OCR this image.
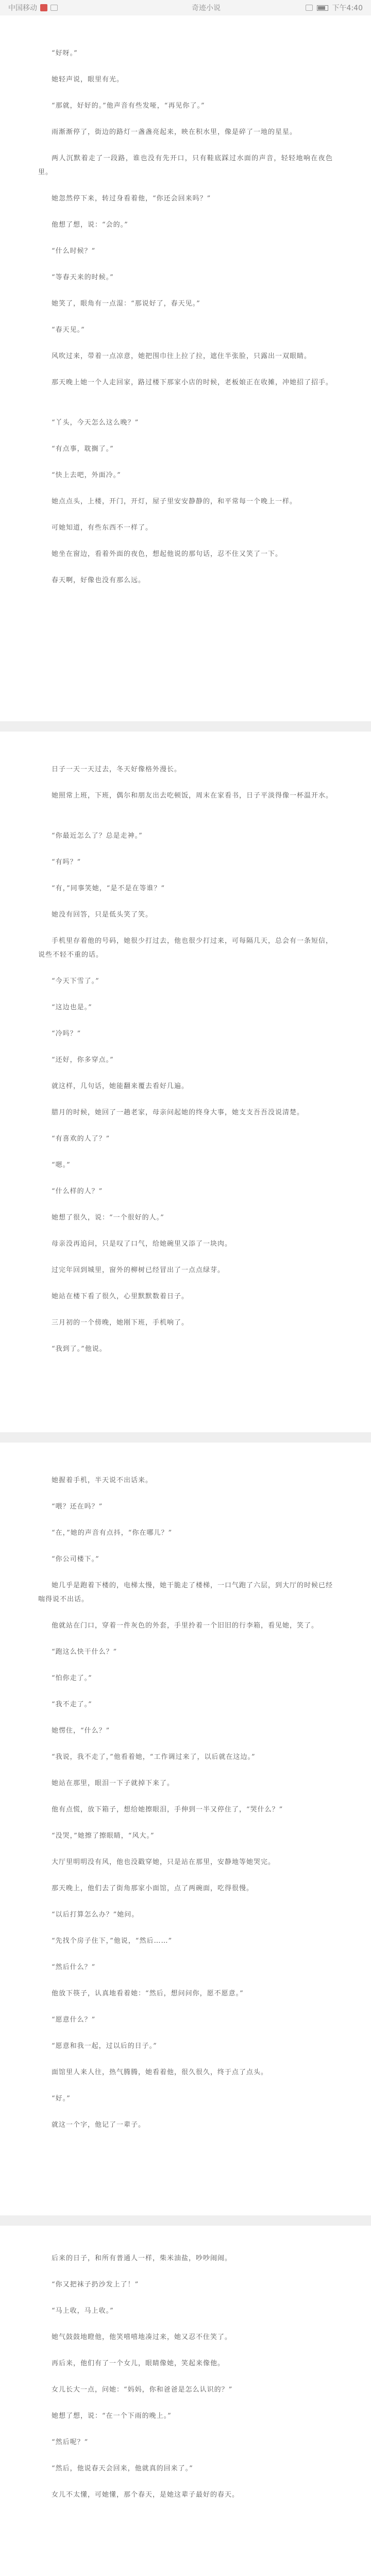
中国移动	奇迹小说	下午4:40
“好呀。”
她轻声说，眼里有光。
“那就，好好的。”他声音有些发哑，“再见你了。”
雨渐渐停了，街边的路灯一盏盏亮起来，映在积水里，像是碎了一地的星星。
两人沉默着走了一段路，谁也没有先开口，只有鞋底踩过水面的声音，轻轻地响在夜色里。
她忽然停下来，转过身看着他，“你还会回来吗？”
他想了想，说：“会的。”
“什么时候？”
“等春天来的时候。”
她笑了，眼角有一点湿：“那说好了，春天见。”
“春天见。”
风吹过来，带着一点凉意，她把围巾往上拉了拉，遮住半张脸，只露出一双眼睛。
那天晚上她一个人走回家，路过楼下那家小店的时候，老板娘正在收摊，冲她招了招手。
“丫头，今天怎么这么晚？”
“有点事，耽搁了。”
“快上去吧，外面冷。”
她点点头，上楼，开门，开灯，屋子里安安静静的，和平常每一个晚上一样。
可她知道，有些东西不一样了。
她坐在窗边，看着外面的夜色，想起他说的那句话，忍不住又笑了一下。
春天啊，好像也没有那么远。
日子一天一天过去，冬天好像格外漫长。
她照常上班，下班，偶尔和朋友出去吃顿饭，周末在家看书，日子平淡得像一杯温开水。
“你最近怎么了？总是走神。”
“有吗？”
“有，”同事笑她，“是不是在等谁？”
她没有回答，只是低头笑了笑。
手机里存着他的号码，她很少打过去，他也很少打过来，可每隔几天，总会有一条短信，说些不轻不重的话。
“今天下雪了。”
“这边也是。”
“冷吗？”
“还好，你多穿点。”
就这样，几句话，她能翻来覆去看好几遍。
腊月的时候，她回了一趟老家，母亲问起她的终身大事，她支支吾吾没说清楚。
“有喜欢的人了？”
“嗯。”
“什么样的人？”
她想了很久，说：“一个很好的人。”
母亲没再追问，只是叹了口气，给她碗里又添了一块肉。
过完年回到城里，窗外的柳树已经冒出了一点点绿芽。
她站在楼下看了很久，心里默默数着日子。
三月初的一个傍晚，她刚下班，手机响了。
“我到了。”他说。
她握着手机，半天说不出话来。
“喂？还在吗？”
“在，”她的声音有点抖，“你在哪儿？”
“你公司楼下。”
她几乎是跑着下楼的，电梯太慢，她干脆走了楼梯，一口气跑了六层，到大厅的时候已经喘得说不出话。
他就站在门口，穿着一件灰色的外套，手里拎着一个旧旧的行李箱，看见她，笑了。
“跑这么快干什么？”
“怕你走了。”
“我不走了。”
她愣住，“什么？”
“我说，我不走了，”他看着她，“工作调过来了，以后就在这边。”
她站在那里，眼泪一下子就掉下来了。
他有点慌，放下箱子，想给她擦眼泪，手伸到一半又停住了，“哭什么？”
“没哭，”她擦了擦眼睛，“风大。”
大厅里明明没有风，他也没戳穿她，只是站在那里，安静地等她哭完。
那天晚上，他们去了街角那家小面馆，点了两碗面，吃得很慢。
“以后打算怎么办？”她问。
“先找个房子住下，”他说，“然后……”
“然后什么？”
他放下筷子，认真地看着她：“然后，想问问你，愿不愿意。”
“愿意什么？”
“愿意和我一起，过以后的日子。”
面馆里人来人往，热气腾腾，她看着他，很久很久，终于点了点头。
“好。”
就这一个字，他记了一辈子。
后来的日子，和所有普通人一样，柴米油盐，吵吵闹闹。
“你又把袜子扔沙发上了！”
“马上收，马上收。”
她气鼓鼓地瞪他，他笑嘻嘻地凑过来，她又忍不住笑了。
再后来，他们有了一个女儿，眼睛像她，笑起来像他。
女儿长大一点，问她：“妈妈，你和爸爸是怎么认识的？”
她想了想，说：“在一个下雨的晚上。”
“然后呢？”
“然后，他说春天会回来，他就真的回来了。”
女儿不太懂，可她懂，那个春天，是她这辈子最好的春天。
